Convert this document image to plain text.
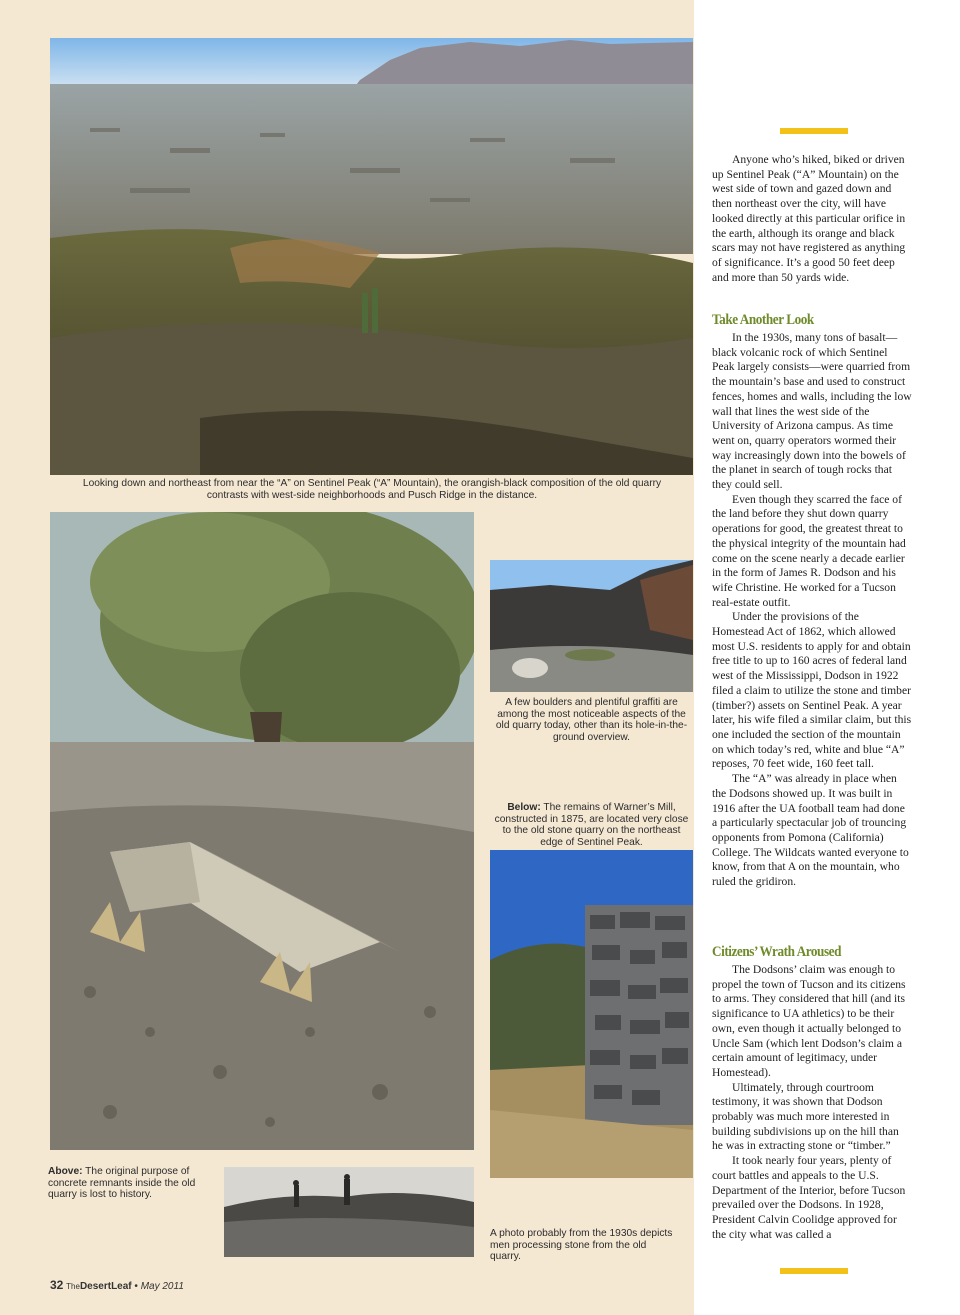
Looking down and northeast from near the “A” on Sentinel Peak (“A” Mountain), the orangish-black composition of the old quarry contrasts with west-side neighborhoods and Pusch Ridge in the distance.
Above: The original purpose of concrete remnants inside the old quarry is lost to history.
A few boulders and plentiful graffiti are among the most noticeable aspects of the old quarry today, other than its hole-in-the-ground overview.
Below: The remains of Warner’s Mill, constructed in 1875, are located very close to the old stone quarry on the northeast edge of Sentinel Peak.
A photo probably from the 1930s depicts men processing stone from the old quarry.

Anyone who’s hiked, biked or driven up Sentinel Peak (“A” Mountain) on the west side of town and gazed down and then northeast over the city, will have looked directly at this particular orifice in the earth, although its orange and black scars may not have registered as anything of significance. It’s a good 50 feet deep and more than 50 yards wide.

Take Another Look

In the 1930s, many tons of basalt—black volcanic rock of which Sentinel Peak largely consists—were quarried from the mountain’s base and used to construct fences, homes and walls, including the low wall that lines the west side of the University of Arizona campus. As time went on, quarry operators wormed their way increasingly down into the bowels of the planet in search of tough rocks that they could sell.

Even though they scarred the face of the land before they shut down quarry operations for good, the greatest threat to the physical integrity of the mountain had come on the scene nearly a decade earlier in the form of James R. Dodson and his wife Christine. He worked for a Tucson real-estate outfit.

Under the provisions of the Homestead Act of 1862, which allowed most U.S. residents to apply for and obtain free title to up to 160 acres of federal land west of the Mississippi, Dodson in 1922 filed a claim to utilize the stone and timber (timber?) assets on Sentinel Peak. A year later, his wife filed a similar claim, but this one included the section of the mountain on which today’s red, white and blue “A” reposes, 70 feet wide, 160 feet tall.

The “A” was already in place when the Dodsons showed up. It was built in 1916 after the UA football team had done a particularly spectacular job of trouncing opponents from Pomona (California) College. The Wildcats wanted everyone to know, from that A on the mountain, who ruled the gridiron.

Citizens’ Wrath Aroused

The Dodsons’ claim was enough to propel the town of Tucson and its citizens to arms. They considered that hill (and its significance to UA athletics) to be their own, even though it actually belonged to Uncle Sam (which lent Dodson’s claim a certain amount of legitimacy, under Homestead).

Ultimately, through courtroom testimony, it was shown that Dodson probably was much more interested in building subdivisions up on the hill than he was in extracting stone or “timber.”

It took nearly four years, plenty of court battles and appeals to the U.S. Department of the Interior, before Tucson prevailed over the Dodsons. In 1928, President Calvin Coolidge approved for the city what was called a

32 TheDesertLeaf • May 2011
